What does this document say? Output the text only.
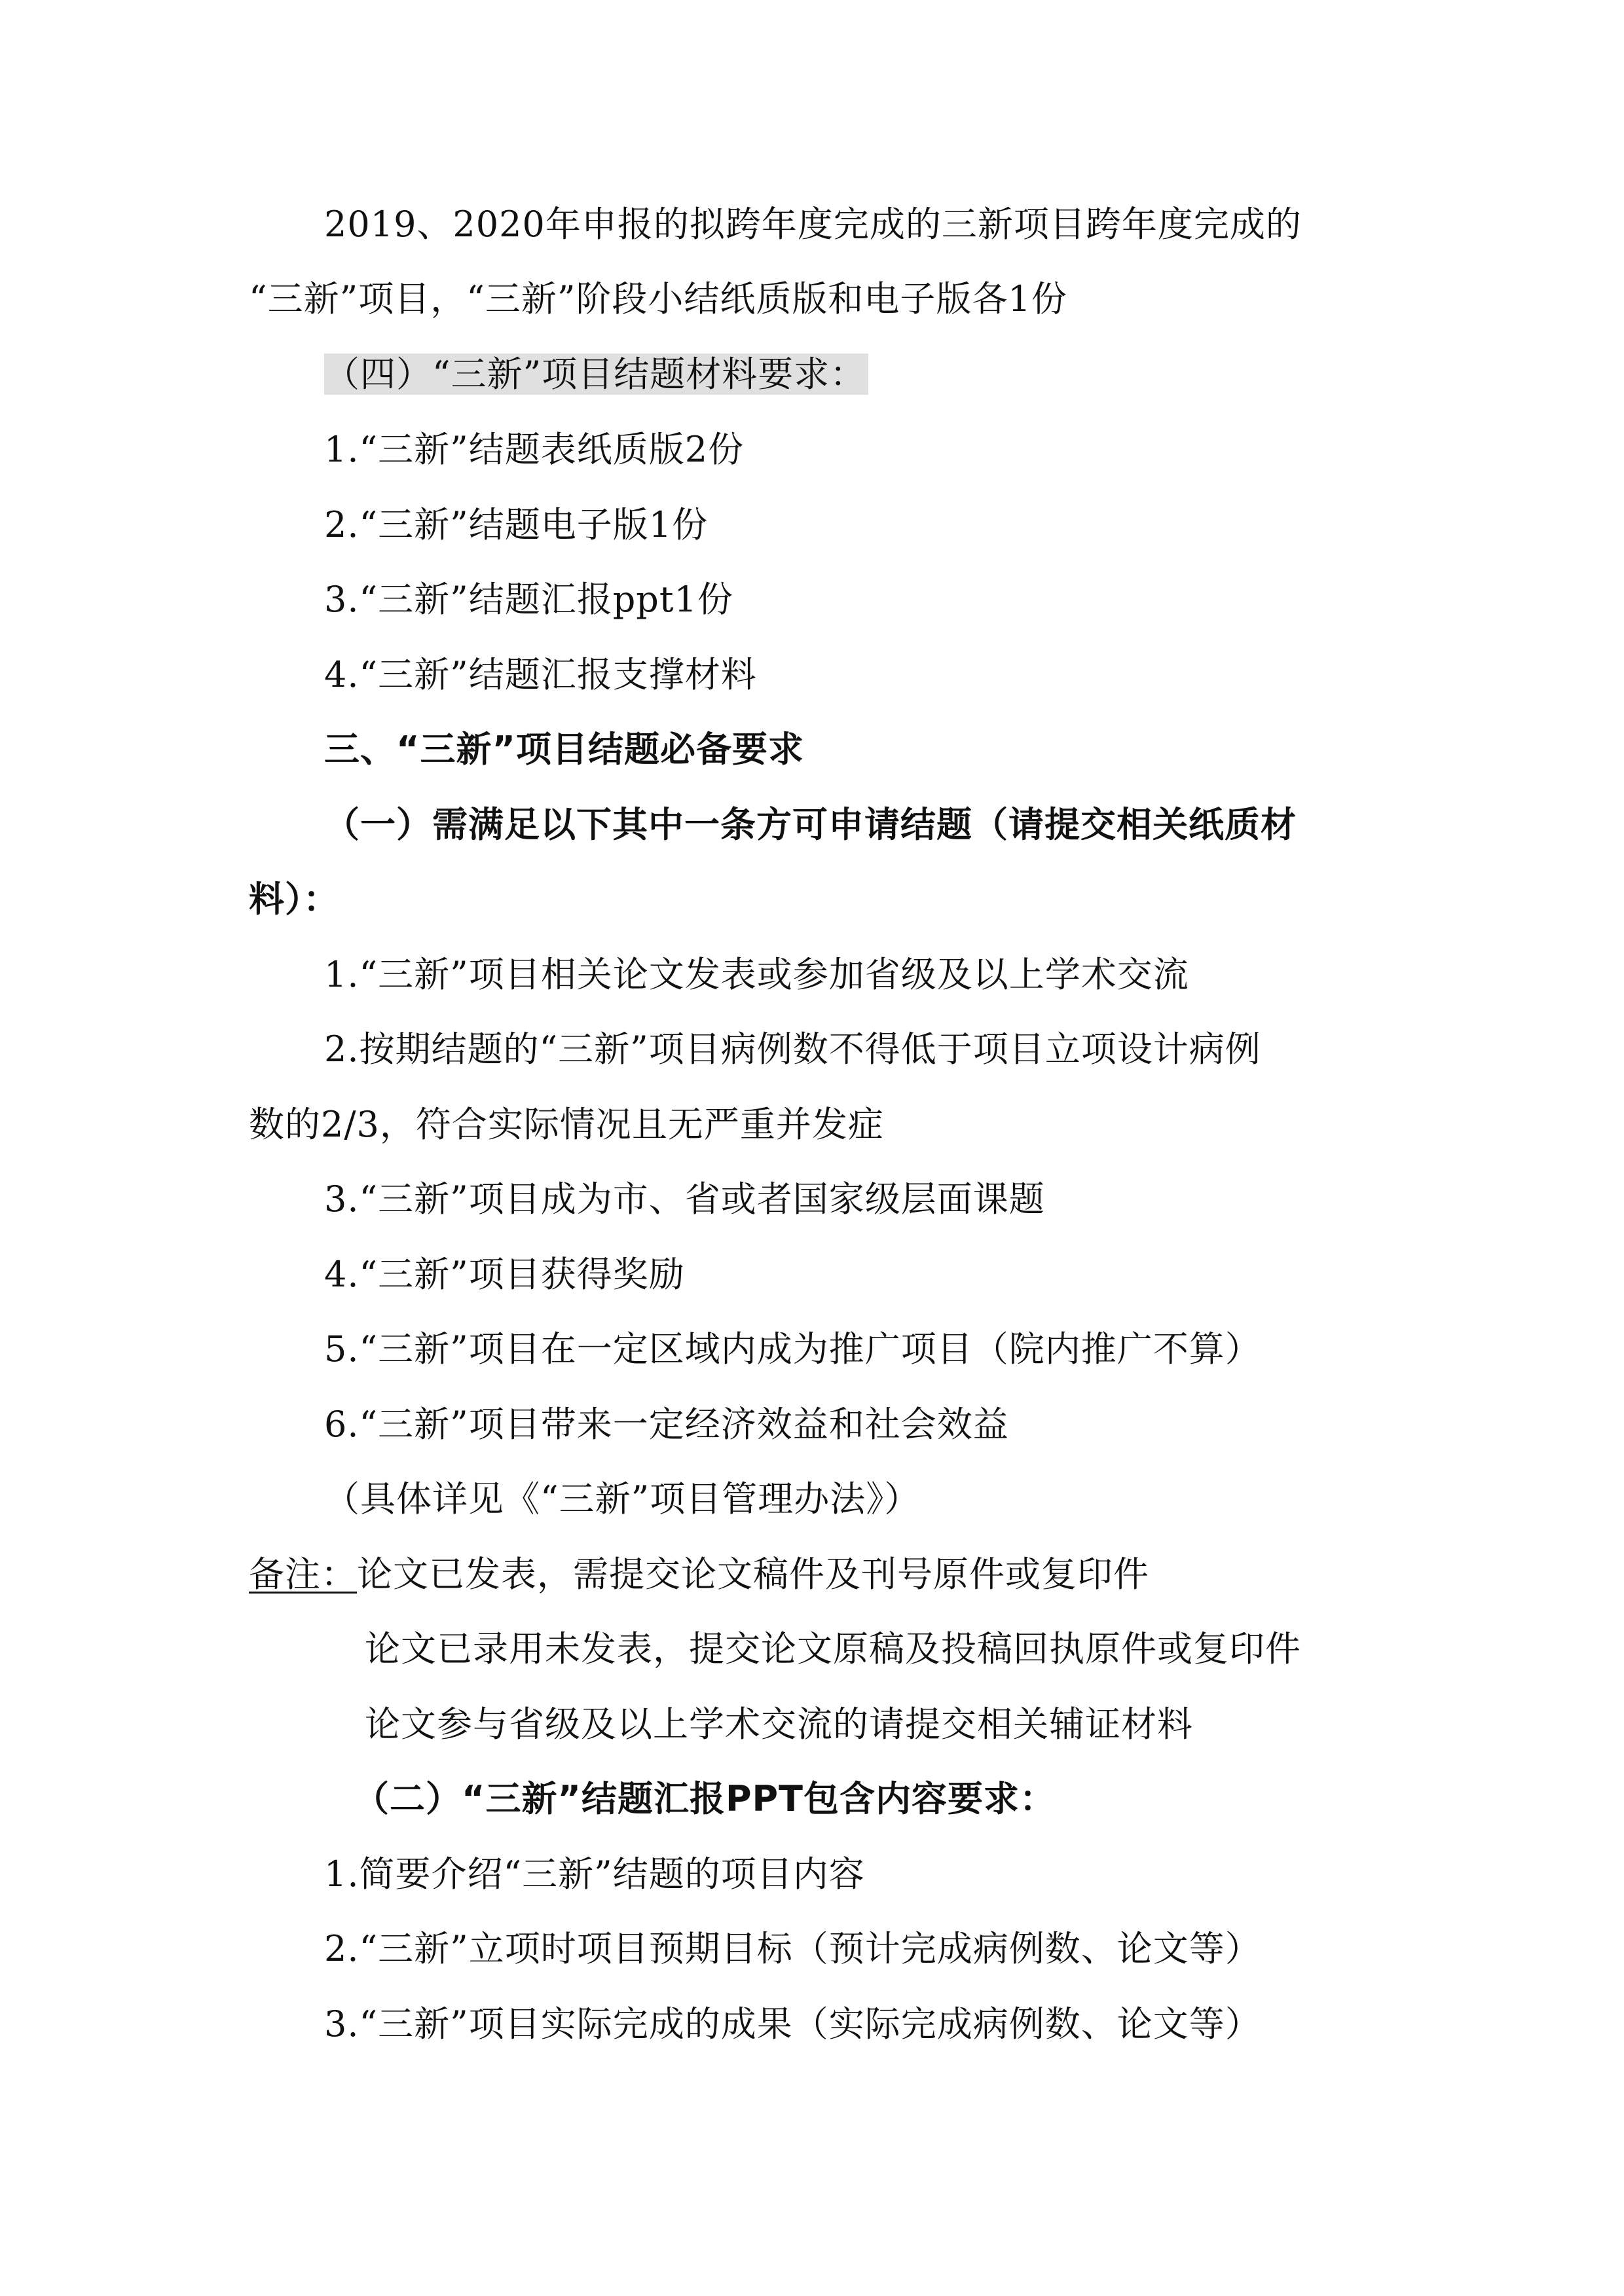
2019、2020年申报的拟跨年度完成的三新项目跨年度完成的
“三新”项目，“三新”阶段小结纸质版和电子版各1份
（四）“三新”项目结题材料要求：
1.“三新”结题表纸质版2份
2.“三新”结题电子版1份
3.“三新”结题汇报ppt1份
4.“三新”结题汇报支撑材料
三、“三新”项目结题必备要求
（一）需满足以下其中一条方可申请结题（请提交相关纸质材
料）：
1.“三新”项目相关论文发表或参加省级及以上学术交流
2.按期结题的“三新”项目病例数不得低于项目立项设计病例
数的2/3，符合实际情况且无严重并发症
3.“三新”项目成为市、省或者国家级层面课题
4.“三新”项目获得奖励
5.“三新”项目在一定区域内成为推广项目（院内推广不算）
6.“三新”项目带来一定经济效益和社会效益
（具体详见《“三新”项目管理办法》）
备注：论文已发表，需提交论文稿件及刊号原件或复印件
论文已录用未发表，提交论文原稿及投稿回执原件或复印件
论文参与省级及以上学术交流的请提交相关辅证材料
（二）“三新”结题汇报PPT包含内容要求：
1.简要介绍“三新”结题的项目内容
2.“三新”立项时项目预期目标（预计完成病例数、论文等）
3.“三新”项目实际完成的成果（实际完成病例数、论文等）
